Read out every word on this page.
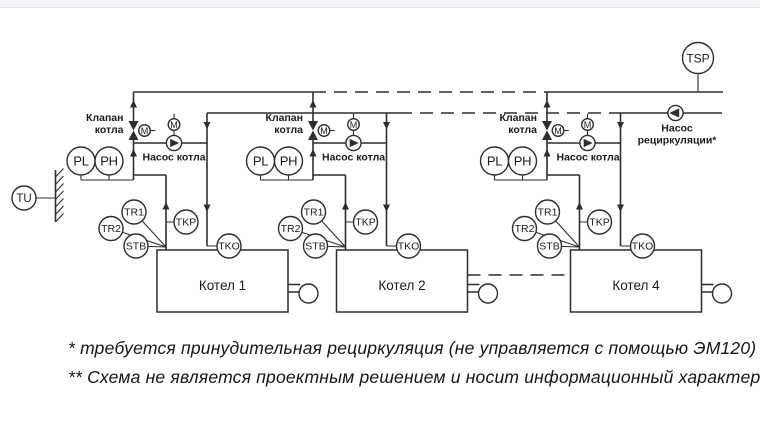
TSP
Насос
рециркуляции*
TU
M
M
PL PH
TR1
TR2
STB
TKP
TKO
Клапан
котла
Насос котла
Котел 1
M
M
PL PH
TR1
TR2
STB
TKP
TKO
Клапан
котла
Насос котла
Котел 2
M
M
PL PH
TR1
TR2
STB
TKP
TKO
Клапан
котла
Насос котла
Котел 4
* требуется принудительная рециркуляция (не управляется с помощью ЭМ120)
** Схема не является проектным решением и носит информационный характер
